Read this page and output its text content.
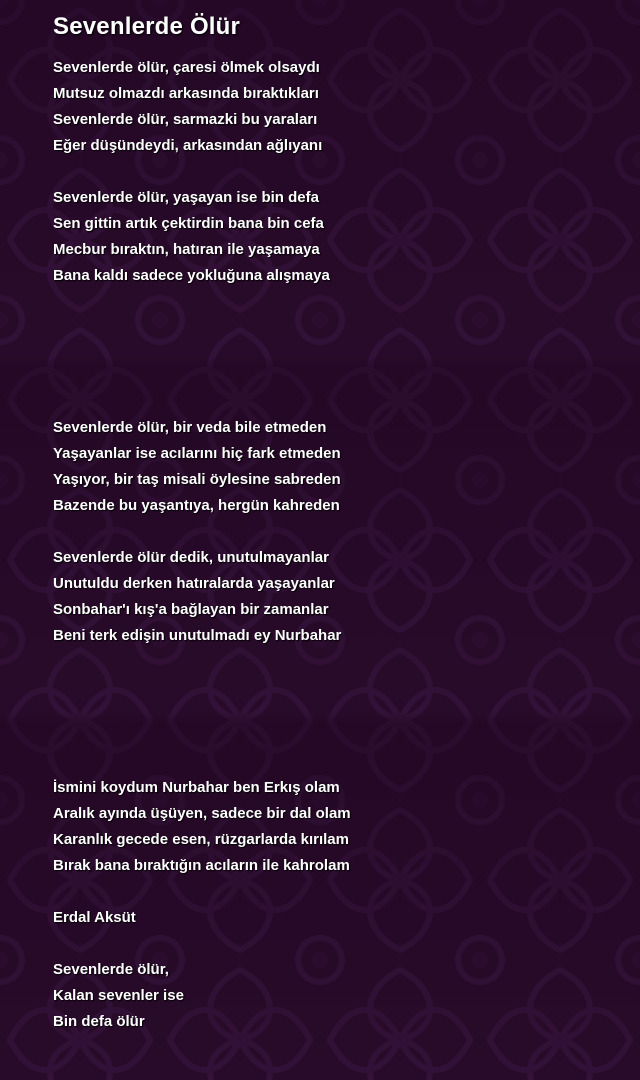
Sevenlerde Ölür
Sevenlerde ölür, çaresi ölmek olsaydı
Mutsuz olmazdı arkasında bıraktıkları
Sevenlerde ölür, sarmazki bu yaraları
Eğer düşündeydi, arkasından ağlıyanı
Sevenlerde ölür, yaşayan ise bin defa
Sen gittin artık çektirdin bana bin cefa
Mecbur bıraktın, hatıran ile yaşamaya
Bana kaldı sadece yokluğuna alışmaya
Sevenlerde ölür, bir veda bile etmeden
Yaşayanlar ise acılarını hiç fark etmeden
Yaşıyor, bir taş misali öylesine sabreden
Bazende bu yaşantıya, hergün kahreden
Sevenlerde ölür dedik, unutulmayanlar
Unutuldu derken hatıralarda yaşayanlar
Sonbahar'ı kış'a bağlayan bir zamanlar
Beni terk edişin unutulmadı ey Nurbahar
İsmini koydum Nurbahar ben Erkış olam
Aralık ayında üşüyen, sadece bir dal olam
Karanlık gecede esen, rüzgarlarda kırılam
Bırak bana bıraktığın acıların ile kahrolam
Erdal Aksüt
Sevenlerde ölür,
Kalan sevenler ise
Bin defa ölür
